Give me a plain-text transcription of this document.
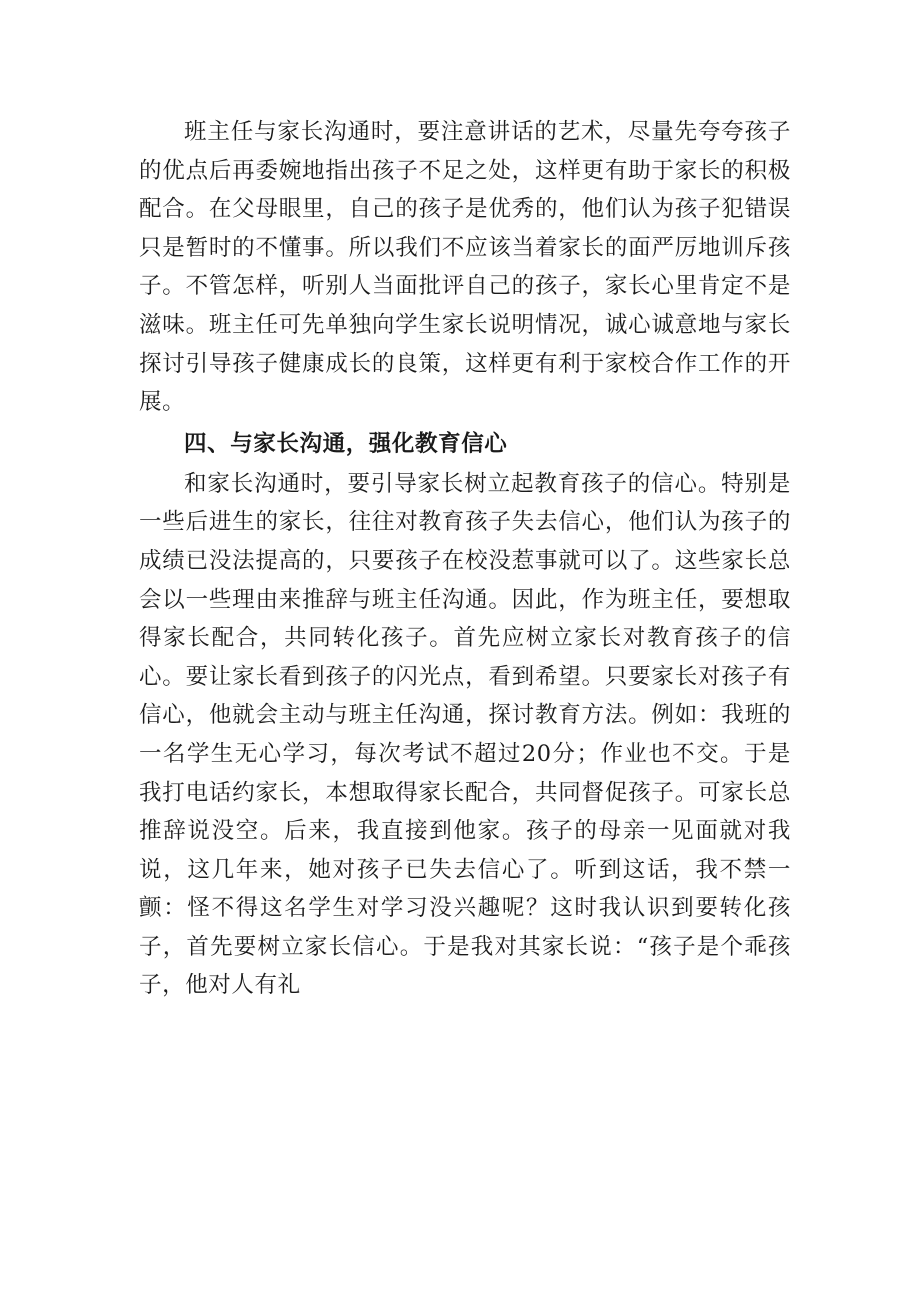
班主任与家长沟通时，要注意讲话的艺术，尽量先夸夸孩子的优点后再委婉地指出孩子不足之处，这样更有助于家长的积极配合。在父母眼里，自己的孩子是优秀的，他们认为孩子犯错误只是暂时的不懂事。所以我们不应该当着家长的面严厉地训斥孩子。不管怎样，听别人当面批评自己的孩子，家长心里肯定不是滋味。班主任可先单独向学生家长说明情况，诚心诚意地与家长探讨引导孩子健康成长的良策，这样更有利于家校合作工作的开展。

四、与家长沟通，强化教育信心

和家长沟通时，要引导家长树立起教育孩子的信心。特别是一些后进生的家长，往往对教育孩子失去信心，他们认为孩子的成绩已没法提高的，只要孩子在校没惹事就可以了。这些家长总会以一些理由来推辞与班主任沟通。因此，作为班主任，要想取得家长配合，共同转化孩子。首先应树立家长对教育孩子的信心。要让家长看到孩子的闪光点，看到希望。只要家长对孩子有信心，他就会主动与班主任沟通，探讨教育方法。例如：我班的一名学生无心学习，每次考试不超过20分；作业也不交。于是我打电话约家长，本想取得家长配合，共同督促孩子。可家长总推辞说没空。后来，我直接到他家。孩子的母亲一见面就对我说，这几年来，她对孩子已失去信心了。听到这话，我不禁一颤：怪不得这名学生对学习没兴趣呢？这时我认识到要转化孩子，首先要树立家长信心。于是我对其家长说：“孩子是个乖孩子，他对人有礼
